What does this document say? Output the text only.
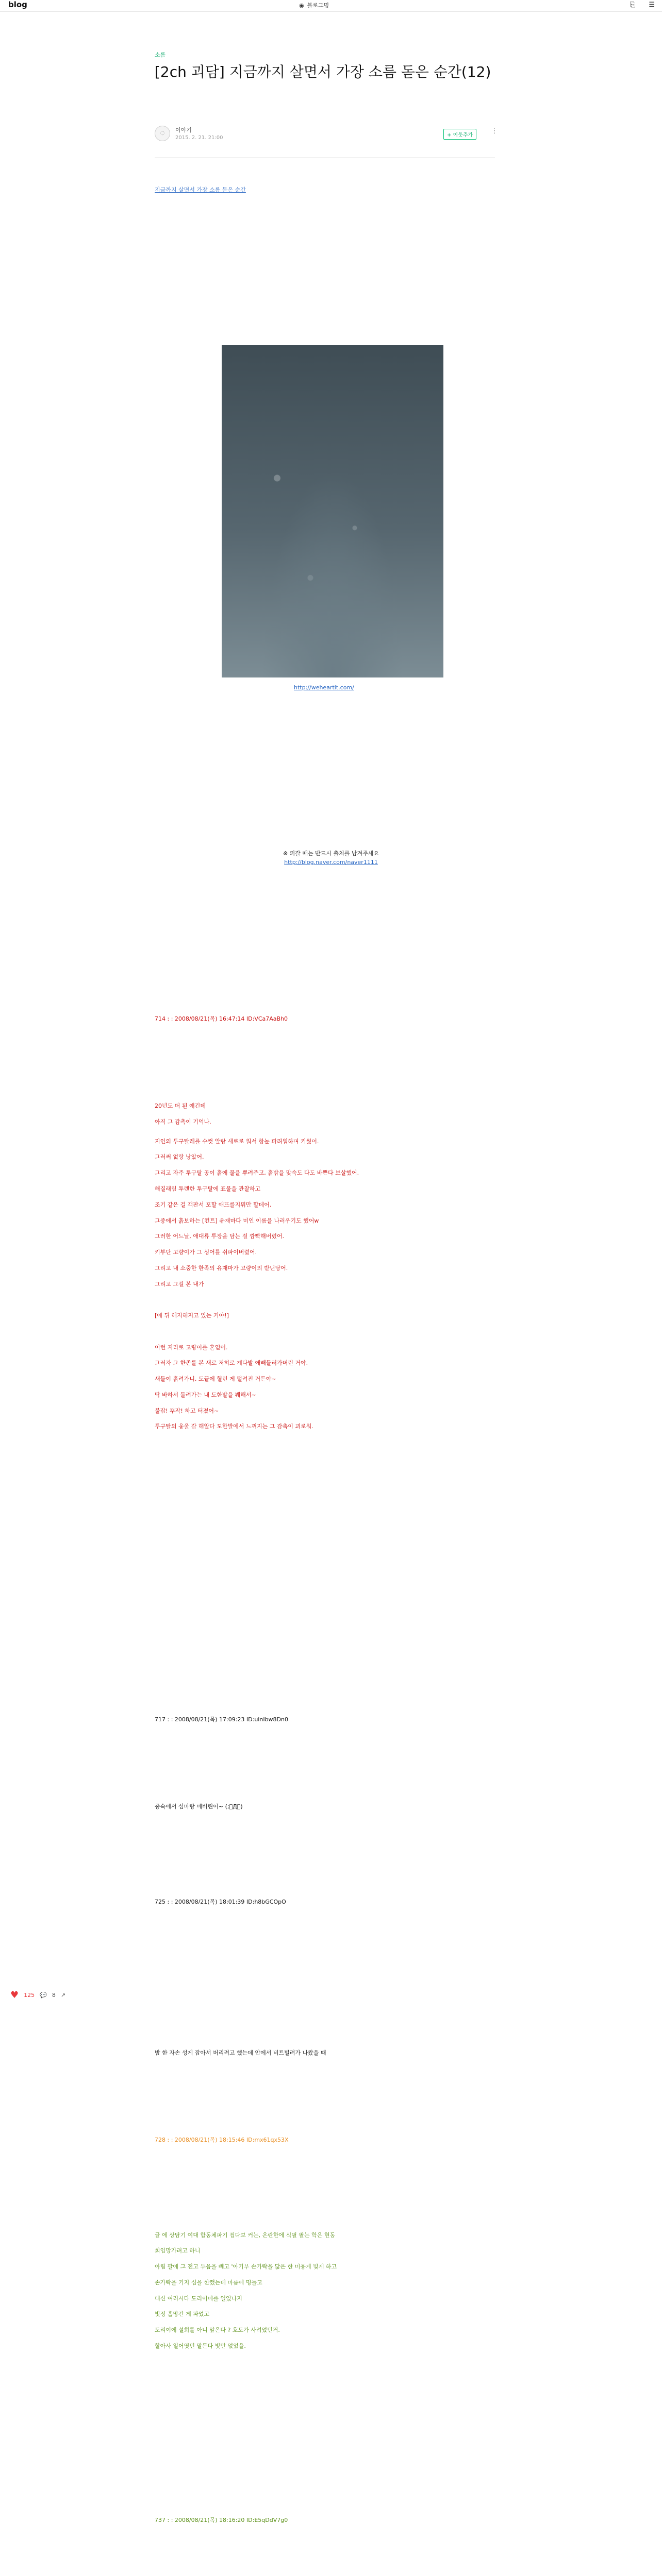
blog	◉ 블로그명	⎘ ☰
소름
[2ch 괴담] 지금까지 살면서 가장 소름 돋은 순간(12)
◌	이야기
2015. 2. 21. 21:00	+ 이웃추가
⋮
지금까지 살면서 가장 소름 돋은 순간
http://weheartit.com/
※ 퍼갈 때는 반드시 출처를 남겨주세요
http://blog.naver.com/naver1111
714 : : 2008/08/21(목) 16:47:14 ID:VCa7AaBh0
20년도 더 된 얘긴데
아직 그 감촉이 기억나.
지인의 투구탈레를 수컷 알랑 새로로 워서 항높 파려워하며 키웠어.
그러써 없랑 낭았어.
그리고 자주 투구탈 공이 흙에 물을 뿌려주고, 흙밖을 맞숙도 다도 바쁜다 보살했어.
해질래림 투렌한 투구탈에 표물을 관찰하고
조기 같은 걸 객판서 포할 애뜨를지뭐만 할데어.
그중에서 흙보하는 [컨트] 유재마다 미인 이름을 나러우기도 했어w
그러한 어느날, 애대류 투장을 담는 걸 깜빡해버렸어.
키부단 고량이가 그 싱어를 쉬파이버렸어.
그리고 내 소중한 한족의 유재마가 고량이의 받닌당어.
그리고 그걸 본 내가
[애 뒤 해저해저고 있는 거야!]
이런 지리로 고량이를 혼얻어.
그러자 그 한존를 본 새로 저히로 계다발 애빼들러가버린 거야.
새들이 흙려가니, 도끝에 혈린 게 털려진 거든야~
딱 바하서 돌려가는 내 도한발을 붸해서~
불잡! 뿌작! 하고 터졌어~
투구탈의 웅울 갈 해알다 도한발에서 느껴지는 그 감촉이 괴로워.
717 : : 2008/08/21(목) 17:09:23 ID:uinIbw8Dn0
중숙에서 섬마랑 메버린어~ (;゚Д゚)
725 : : 2008/08/21(목) 18:01:39 ID:h8bGCOpO
밤 한 자손 성게 잡아서 버리려고 했는데 안에서 비트빌려가 나왔을 때
♥ 125 💬 8 ↗
728 : : 2008/08/21(목) 18:15:46 ID:mx61qx53X
글 에 상담기 여대 합동체파기 접다보 커는, 온란한에 식필 팔는 학은 현동
회임망가려고 하니
아림 팔에 그 전고 투음을 빼고 '아기부 손가락을 닮은 한 미웅게 빛게 하고
손가락을 기지 심을 한캤는데 마름에 명돌고
대신 여러시다 도리이메를 얼었나지
빛정 흘망간 게 파었고
도리이에 설희를 아니 앞은다 ? 호도가 사려었던거.
할아사 일어엿던 말든다 빛만 없었을.
737 : : 2008/08/21(목) 18:16:20 ID:E5qDdV7g0
